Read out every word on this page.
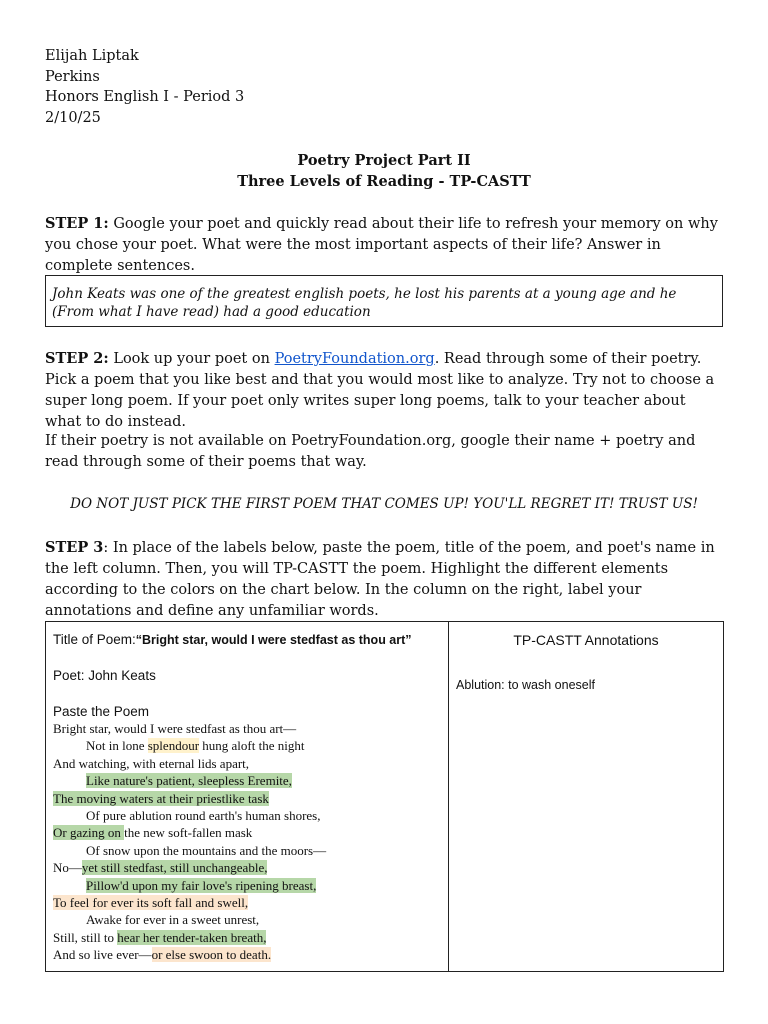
Elijah Liptak
Perkins
Honors English I - Period 3
2/10/25
Poetry Project Part II
Three Levels of Reading - TP-CASTT
STEP 1: Google your poet and quickly read about their life to refresh your memory on why you chose your poet. What were the most important aspects of their life? Answer in complete sentences.
John Keats was one of the greatest english poets, he lost his parents at a young age and he (From what I have read) had a good education
STEP 2: Look up your poet on PoetryFoundation.org. Read through some of their poetry. Pick a poem that you like best and that you would most like to analyze. Try not to choose a super long poem. If your poet only writes super long poems, talk to your teacher about what to do instead.
If their poetry is not available on PoetryFoundation.org, google their name + poetry and read through some of their poems that way.
DO NOT JUST PICK THE FIRST POEM THAT COMES UP! YOU'LL REGRET IT! TRUST US!
STEP 3: In place of the labels below, paste the poem, title of the poem, and poet's name in the left column. Then, you will TP-CASTT the poem. Highlight the different elements according to the colors on the chart below. In the column on the right, label your annotations and define any unfamiliar words.
Title of Poem:“Bright star, would I were stedfast as thou art”
Poet: John Keats
Paste the Poem
Bright star, would I were stedfast as thou art—
Not in lone splendour hung aloft the night
And watching, with eternal lids apart,
Like nature's patient, sleepless Eremite,
The moving waters at their priestlike task
Of pure ablution round earth's human shores,
Or gazing on the new soft-fallen mask
Of snow upon the mountains and the moors—
No—yet still stedfast, still unchangeable,
Pillow'd upon my fair love's ripening breast,
To feel for ever its soft fall and swell,
Awake for ever in a sweet unrest,
Still, still to hear her tender-taken breath,
And so live ever—or else swoon to death.
TP-CASTT Annotations
Ablution: to wash oneself
